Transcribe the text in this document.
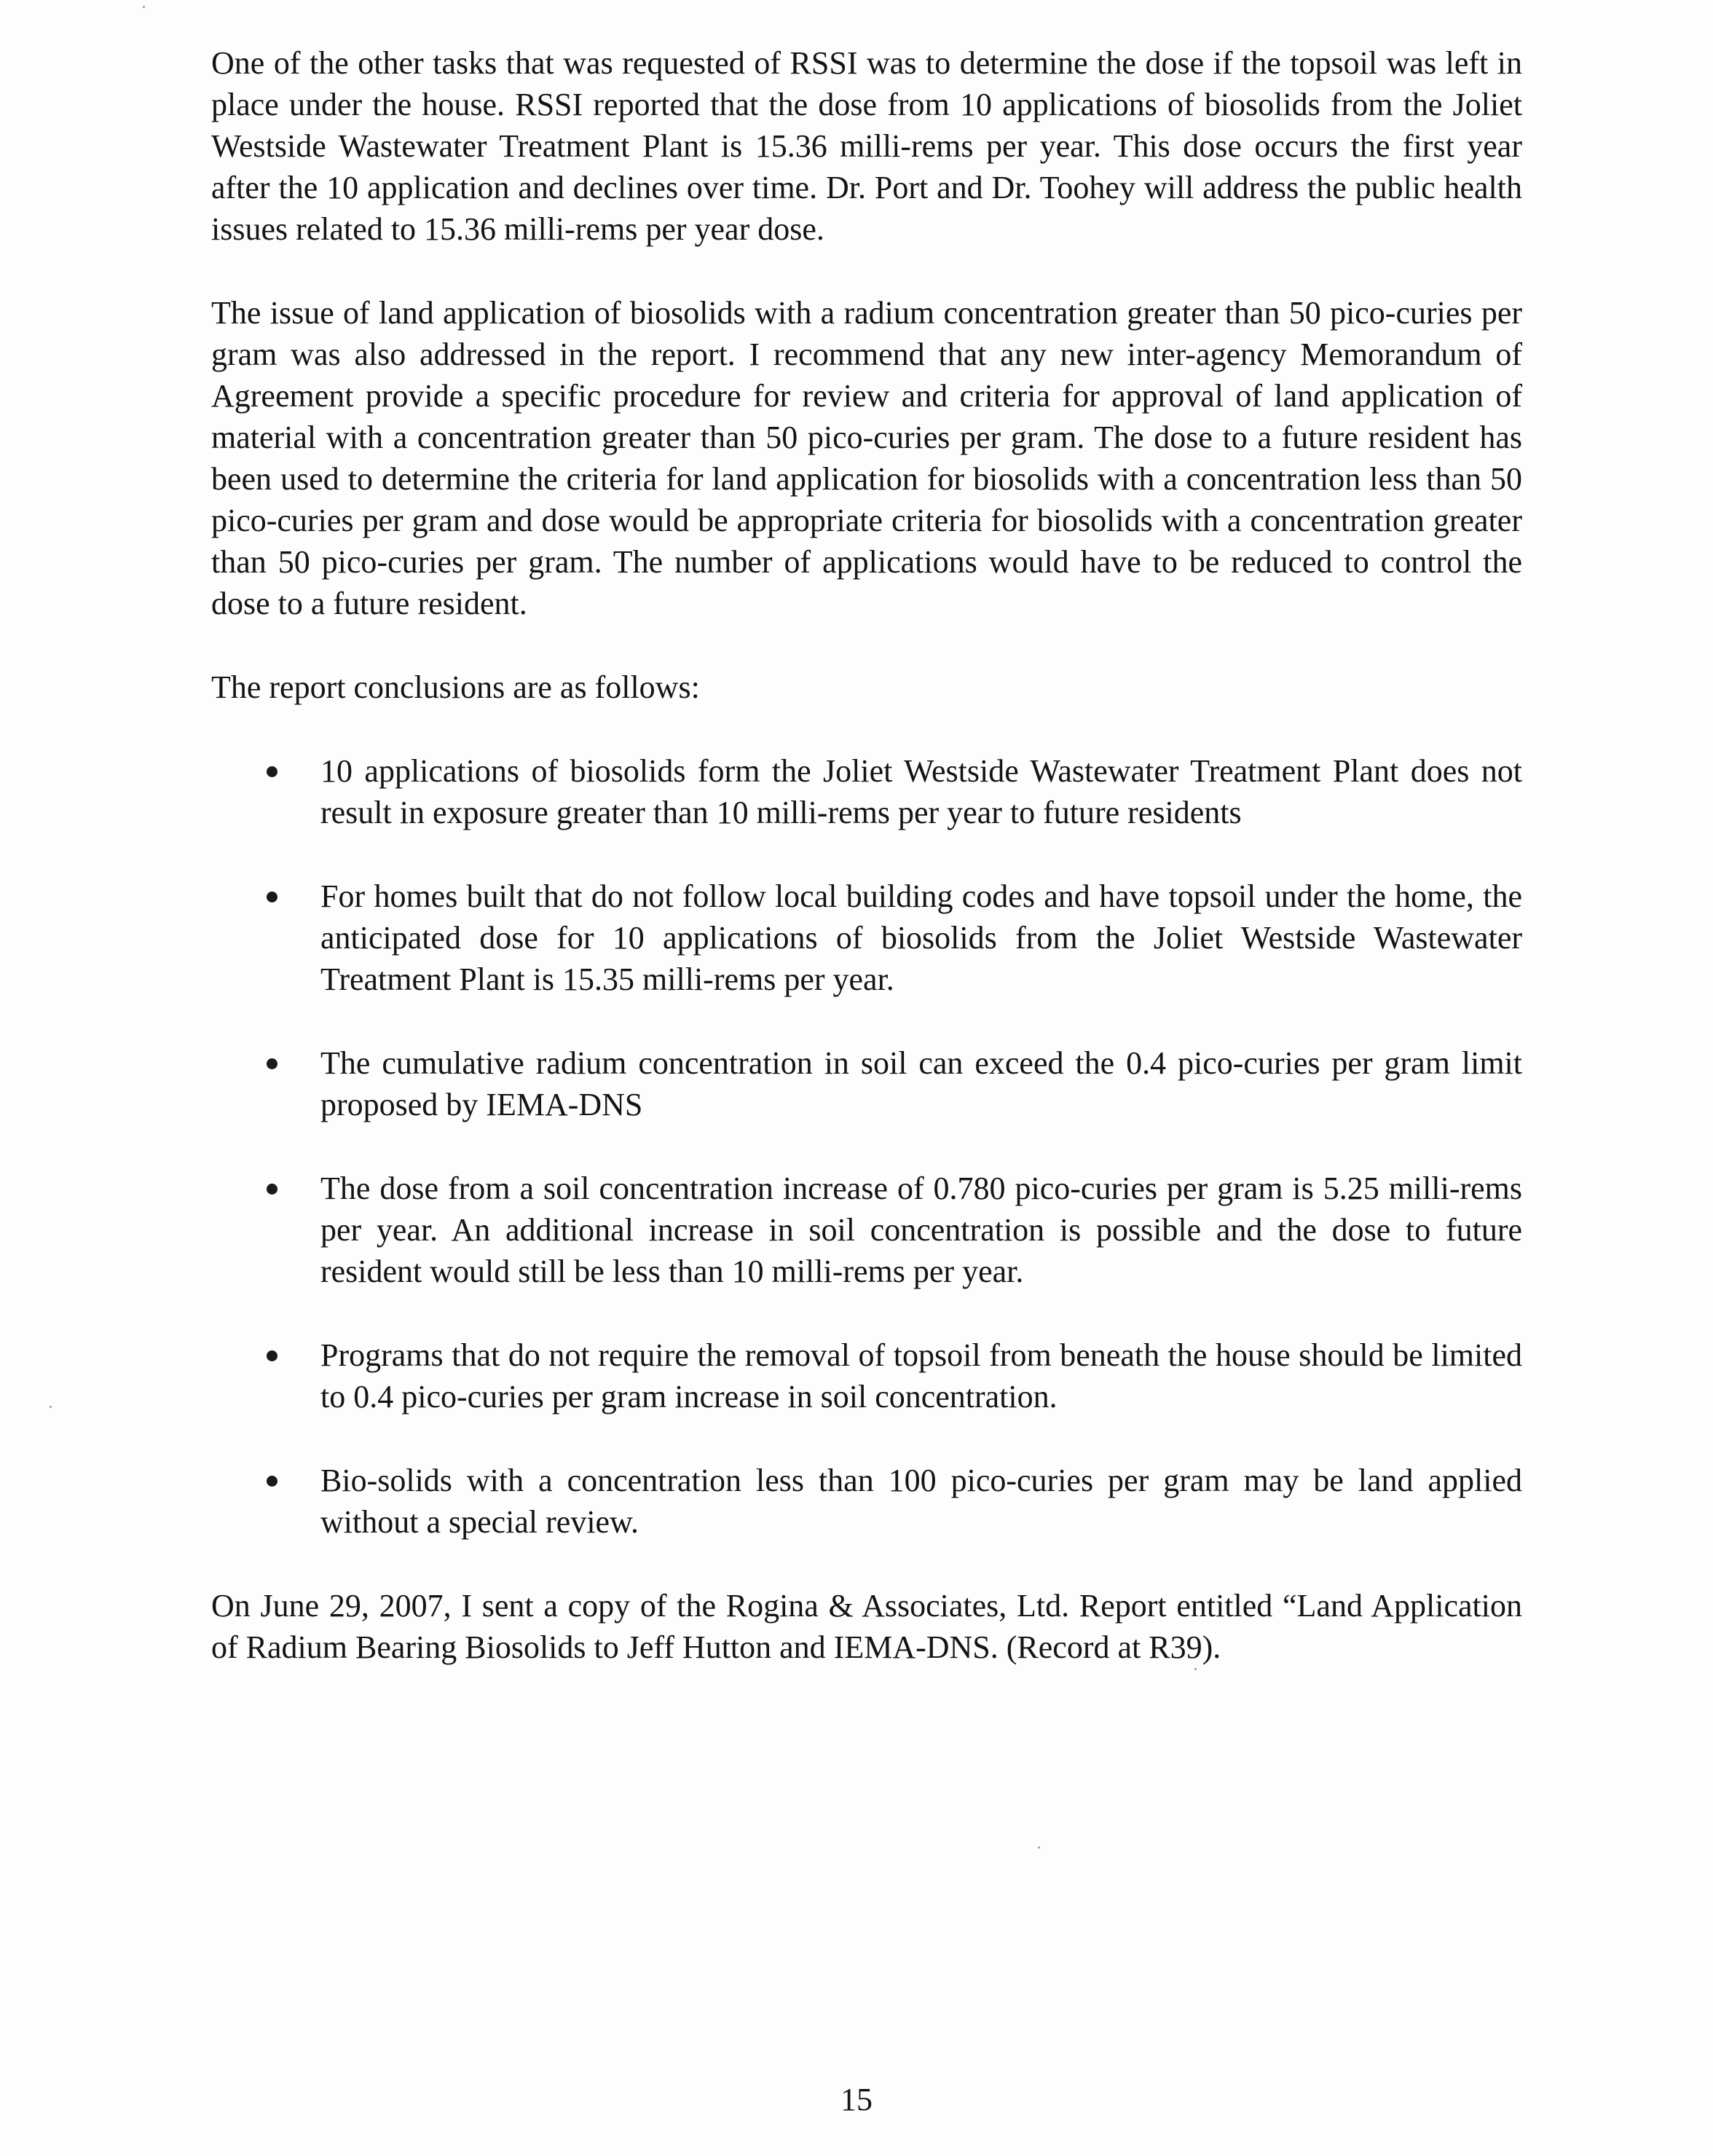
One of the other tasks that was requested of RSSI was to determine the dose if the topsoil was left in place under the house. RSSI reported that the dose from 10 applications of biosolids from the Joliet Westside Wastewater Treatment Plant is 15.36 milli-rems per year. This dose occurs the first year after the 10 application and declines over time. Dr. Port and Dr. Toohey will address the public health issues related to 15.36 milli-rems per year dose.

The issue of land application of biosolids with a radium concentration greater than 50 pico-curies per gram was also addressed in the report. I recommend that any new inter-agency Memorandum of Agreement provide a specific procedure for review and criteria for approval of land application of material with a concentration greater than 50 pico-curies per gram. The dose to a future resident has been used to determine the criteria for land application for biosolids with a concentration less than 50 pico-curies per gram and dose would be appropriate criteria for biosolids with a concentration greater than 50 pico-curies per gram. The number of applications would have to be reduced to control the dose to a future resident.

The report conclusions are as follows:

10 applications of biosolids form the Joliet Westside Wastewater Treatment Plant does not result in exposure greater than 10 milli-rems per year to future residents
For homes built that do not follow local building codes and have topsoil under the home, the anticipated dose for 10 applications of biosolids from the Joliet Westside Wastewater Treatment Plant is 15.35 milli-rems per year.
The cumulative radium concentration in soil can exceed the 0.4 pico-curies per gram limit proposed by IEMA-DNS
The dose from a soil concentration increase of 0.780 pico-curies per gram is 5.25 milli-rems per year. An additional increase in soil concentration is possible and the dose to future resident would still be less than 10 milli-rems per year.
Programs that do not require the removal of topsoil from beneath the house should be limited to 0.4 pico-curies per gram increase in soil concentration.
Bio-solids with a concentration less than 100 pico-curies per gram may be land applied without a special review.

On June 29, 2007, I sent a copy of the Rogina & Associates, Ltd. Report entitled “Land Application of Radium Bearing Biosolids to Jeff Hutton and IEMA-DNS. (Record at R39).

15
